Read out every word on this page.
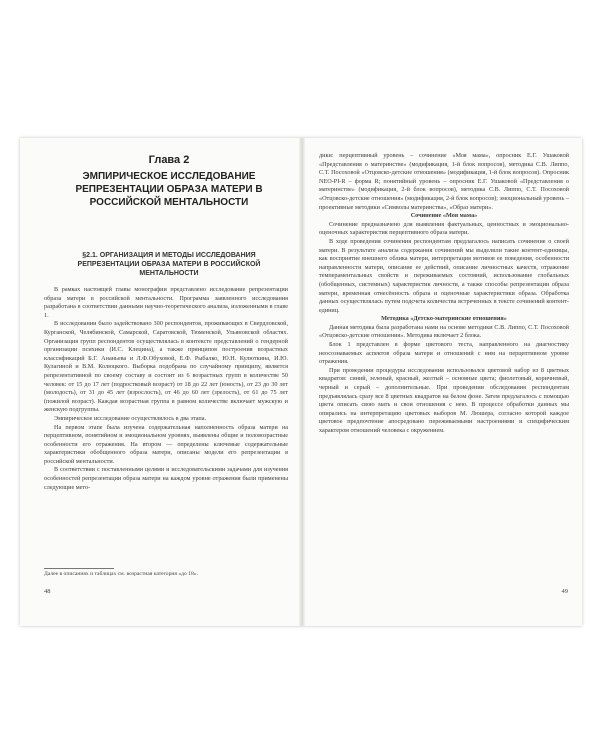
Глава 2
ЭМПИРИЧЕСКОЕ ИССЛЕДОВАНИЕ РЕПРЕЗЕНТАЦИИ ОБРАЗА МАТЕРИ В РОССИЙСКОЙ МЕНТАЛЬНОСТИ
§2.1. ОРГАНИЗАЦИЯ И МЕТОДЫ ИССЛЕДОВАНИЯ РЕПРЕЗЕНТАЦИИ ОБРАЗА МАТЕРИ В РОССИЙСКОЙ МЕНТАЛЬНОСТИ

В рамках настоящей главы монографии представлено исследование репрезентации образа матери в российской ментальности. Программа заявленного исследования разработана в соответствии данными научно-теоретического анализа, изложенными в главе 1.

В исследовании было задействовано 300 респондентов, проживающих в Свердловской, Курганской, Челябинской, Самарской, Саратовской, Тюменской, Ульяновской областях. Организация групп респондентов осуществлялась в контексте представлений о гендерной организации психики (И.С. Клецина), а также принципов построения возрастных классификаций Б.Г. Ананьева и Л.Ф.Обуховой, Е.Ф. Рыбалко, Ю.Н. Кулюткина, И.Ю. Кулагиной и В.М. Колюцкого. Выборка подобрана по случайному принципу, является репрезентативной по своему составу и состоит из 6 возрастных групп в количестве 50 человек: от 15 до 17 лет (подростковый возраст) от 18 до 22 лет (юность), от 23 до 30 лет (молодость), от 31 до 45 лет (взрослость), от 46 до 60 лет (зрелость), от 61 до 75 лет (пожилой возраст). Каждая возрастная группа в равном количестве включает мужскую и женскую подгруппы.

Эмпирическое исследование осуществлялось в два этапа.

На первом этапе была изучена содержательная наполненность образа матери на перцептивном, понятийном и эмоциональном уровнях, выявлены общие и половозрастные особенности его отражения. На втором — определены ключевые содержательные характеристики обобщенного образа матери, описаны модели его репрезентации в российской ментальности.

В соответствии с поставленными целями и исследовательскими задачами для изучения особенностей репрезентации образа матери на каждом уровне отражения были применены следующие мето-

Далее в описаниях и таблицах см. возрастная категория «до 18».

48

дики: перцептивный уровень – сочинение «Моя мама», опросник Е.Г. Ушаковой «Представления о материнстве» (модификация, 1-й блок вопросов), методика С.В. Липпо, С.Т. Посоховой «Отцовско-детские отношения» (модификация, 1-й блок вопросов). Опросник NEO-PI-R – форма R; понятийный уровень – опросник Е.Г. Ушаковой «Представления о материнстве» (модификация, 2-й блок вопросов), методика С.В. Липпо, С.Т. Посоховой «Отцовско-детские отношения» (модификация, 2-й блок вопросов); эмоциональный уровень – проективные методики «Символы материнства», «Образ матери».

Сочинение «Моя мама»

Сочинение предназначено для выявления фактуальных, ценностных и эмоционально-оценочных характеристик перцептивного образа матери.

В ходе проведения сочинения респондентам предлагалось написать сочинение о своей матери. В результате анализа содержания сочинений мы выделили такие контент-единицы, как восприятие внешнего облика матери, интерпретация мотивов ее поведения, особенности направленности матери, описание ее действий, описание личностных качеств, отражение темпераментальных свойств и переживаемых состояний, использование глобальных (обобщенных, системных) характеристик личности, а также способы репрезентации образа матери, временная отнесённость образа и оценочные характеристики образа. Обработка данных осуществлялась путем подсчета количества встреченных в тексте сочинений контент-единиц.

Методика «Детско-материнские отношения»

Данная методика была разработана нами на основе методики С.В. Липпо, С.Т. Посоховой «Отцовско-детские отношения». Методика включает 2 блока.

Блок 1 представлен в форме цветового теста, направленного на диагностику неосознаваемых аспектов образа матери и отношений с ним на перцептивном уровне отражения.

При проведении процедуры исследования использовался цветовой набор из 8 цветных квадратов: синий, зеленый, красный, желтый – основные цвета; фиолетовый, коричневый, черный и серый – дополнительные. При проведении обследования респондентам предъявлялась сразу все 8 цветных квадратов на белом фоне. Затем предлагалось с помощью цвета описать свою мать и свои отношения с нею. В процессе обработки данных мы опирались на интерпретацию цветовых выборов М. Люшера, согласно которой каждое цветовое предпочтение апосредовано переживаемыми настроениями и специфическим характером отношений человека с окружением.

49
